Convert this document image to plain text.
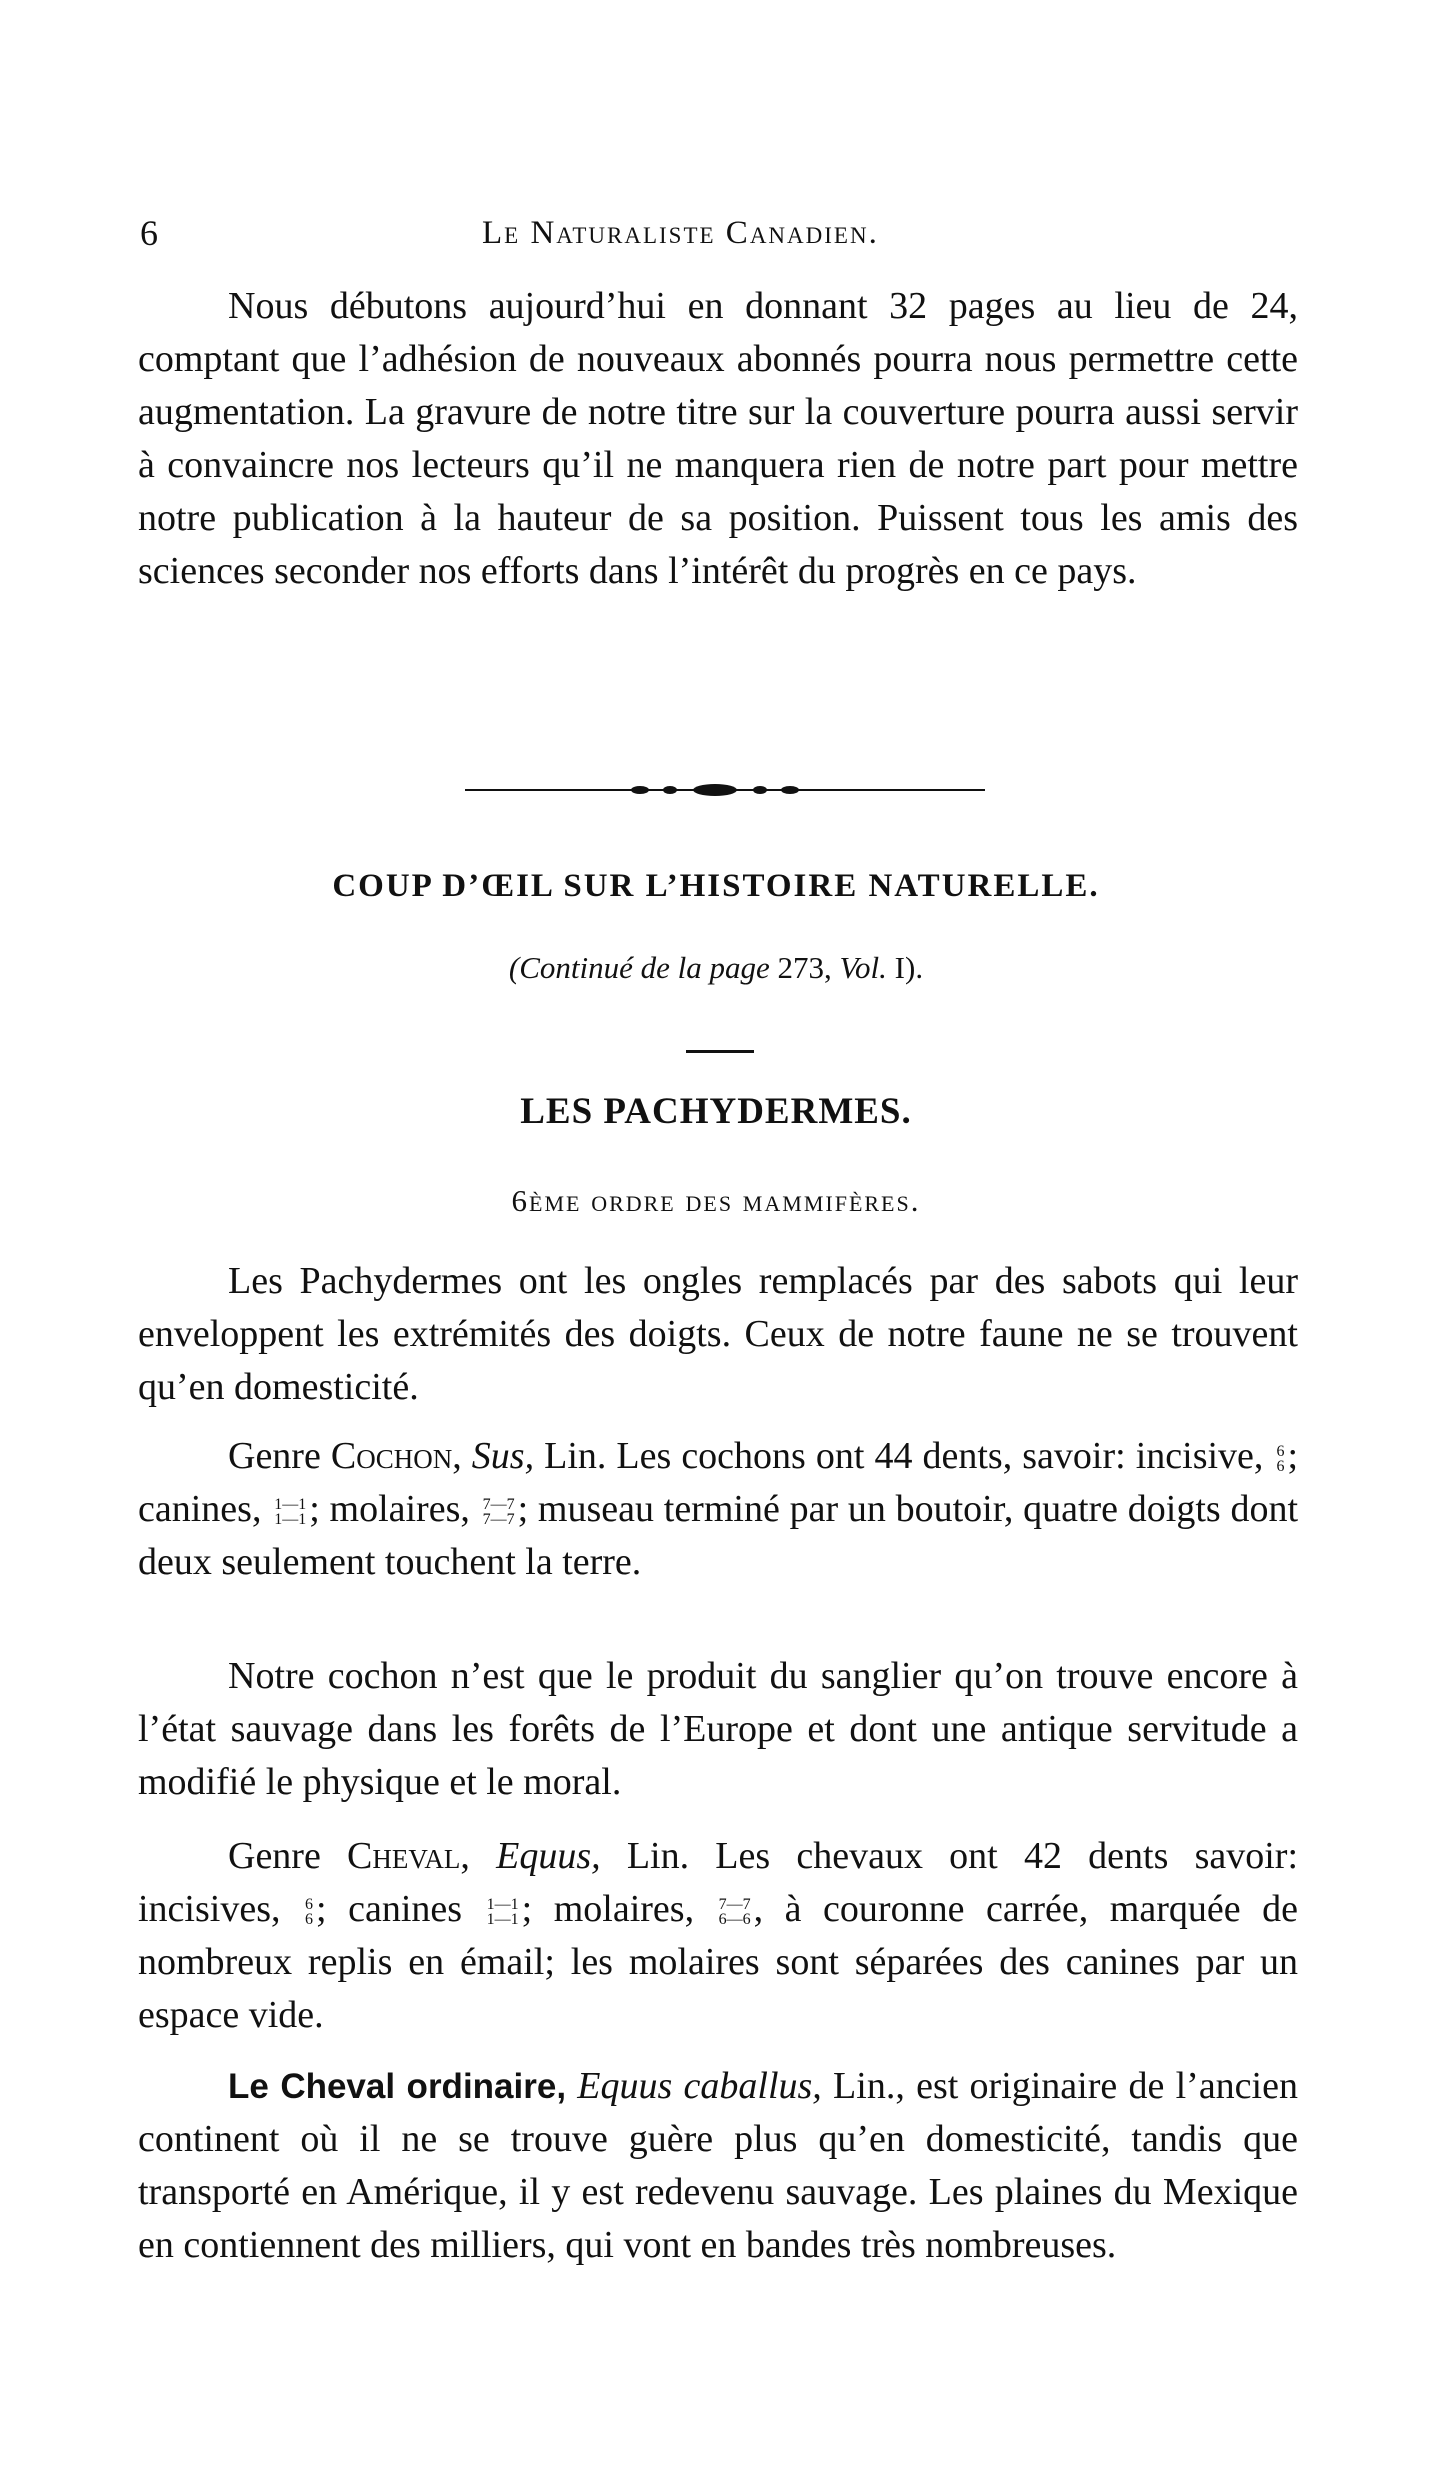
6	Le Naturaliste Canadien.

Nous débutons aujourd’hui en donnant 32 pages au lieu de 24, comptant que l’adhésion de nouveaux abonnés pourra nous permettre cette augmentation. La gravure de notre titre sur la couverture pourra aussi servir à convaincre nos lecteurs qu’il ne manquera rien de notre part pour mettre notre publication à la hauteur de sa position. Puissent tous les amis des sciences seconder nos efforts dans l’intérêt du progrès en ce pays.

COUP D’ŒIL SUR L’HISTOIRE NATURELLE.
(Continué de la page 273, Vol. I).
LES PACHYDERMES.
6ème ordre des mammifères.

Les Pachydermes ont les ongles remplacés par des sabots qui leur enveloppent les extrémités des doigts. Ceux de notre faune ne se trouvent qu’en domesticité.

Genre Cochon, Sus, Lin. Les cochons ont 44 dents, savoir: incisive, 6
6 ; canines, 1—1
1—1 ; molaires, 7—7
7—7 ; museau terminé par un boutoir, quatre doigts dont deux seulement touchent la terre.

Notre cochon n’est que le produit du sanglier qu’on trouve encore à l’état sauvage dans les forêts de l’Europe et dont une antique servitude a modifié le physique et le moral.

Genre Cheval, Equus, Lin. Les chevaux ont 42 dents savoir: incisives, 6
6 ; canines 1—1
1—1 ; molaires, 7—7
6—6 , à couronne carrée, marquée de nombreux replis en émail; les molaires sont séparées des canines par un espace vide.

Le Cheval ordinaire, Equus caballus, Lin., est originaire de l’ancien continent où il ne se trouve guère plus qu’en domesticité, tandis que transporté en Amérique, il y est redevenu sauvage. Les plaines du Mexique en contiennent des milliers, qui vont en bandes très nombreuses.
